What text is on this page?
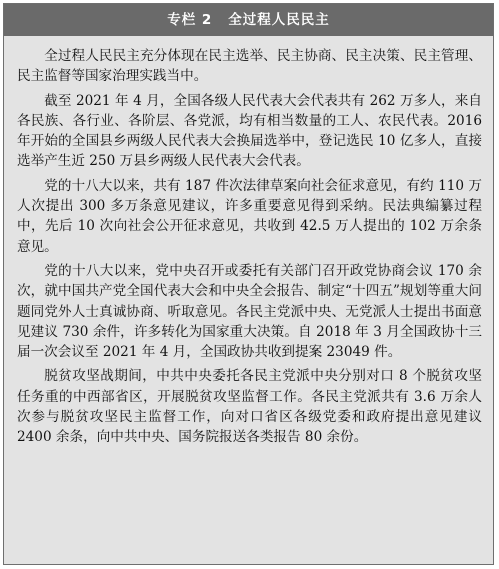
专栏 2 全过程人民民主

全过程人民民主充分体现在民主选举、民主协商、民主决策、民主管理、民主监督等国家治理实践当中。

截至 2021 年 4 月，全国各级人民代表大会代表共有 262 万多人，来自各民族、各行业、各阶层、各党派，均有相当数量的工人、农民代表。2016 年开始的全国县乡两级人民代表大会换届选举中，登记选民 10 亿多人，直接选举产生近 250 万县乡两级人民代表大会代表。

党的十八大以来，共有 187 件次法律草案向社会征求意见，有约 110 万人次提出 300 多万条意见建议，许多重要意见得到采纳。民法典编纂过程中，先后 10 次向社会公开征求意见，共收到 42.5 万人提出的 102 万余条意见。

党的十八大以来，党中央召开或委托有关部门召开政党协商会议 170 余次，就中国共产党全国代表大会和中央全会报告、制定“十四五”规划等重大问题同党外人士真诚协商、听取意见。各民主党派中央、无党派人士提出书面意见建议 730 余件，许多转化为国家重大决策。自 2018 年 3 月全国政协十三届一次会议至 2021 年 4 月，全国政协共收到提案 23049 件。

脱贫攻坚战期间，中共中央委托各民主党派中央分别对口 8 个脱贫攻坚任务重的中西部省区，开展脱贫攻坚监督工作。各民主党派共有 3.6 万余人次参与脱贫攻坚民主监督工作，向对口省区各级党委和政府提出意见建议 2400 余条，向中共中央、国务院报送各类报告 80 余份。
